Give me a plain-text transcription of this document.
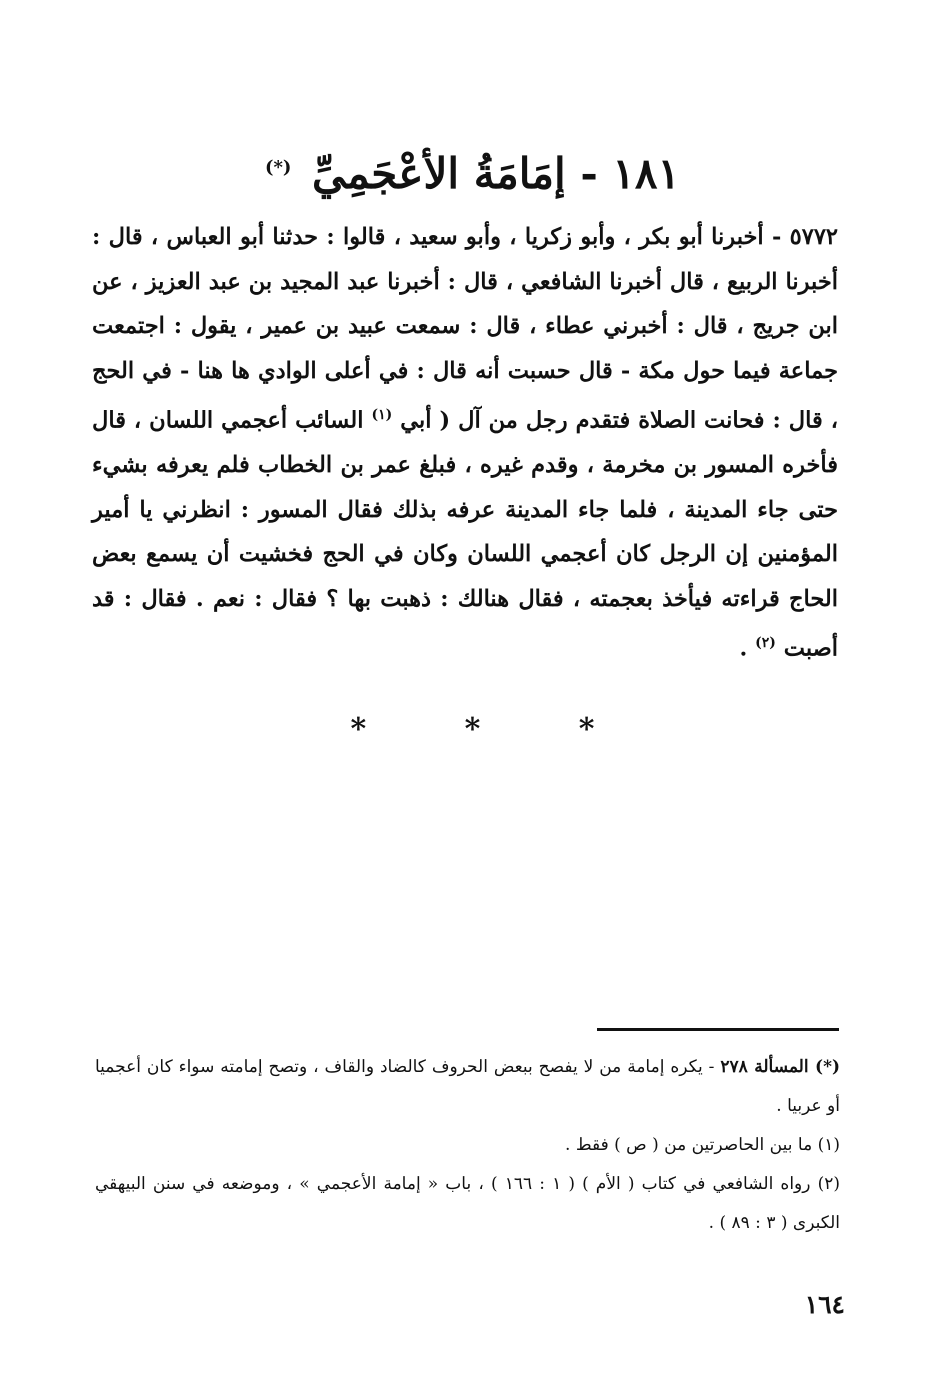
١٨١ - إمَامَةُ الأعْجَمِيِّ (*)

٥٧٧٢ - أخبرنا أبو بكر ، وأبو زكريا ، وأبو سعيد ، قالوا : حدثنا أبو العباس ، قال : أخبرنا الربيع ، قال أخبرنا الشافعي ، قال : أخبرنا عبد المجيد بن عبد العزيز ، عن ابن جريج ، قال : أخبرني عطاء ، قال : سمعت عبيد بن عمير ، يقول : اجتمعت جماعة فيما حول مكة - قال حسبت أنه قال : في أعلى الوادي ها هنا - في الحج ، قال : فحانت الصلاة فتقدم رجل من آل ( أبي $^{(١)}$ السائب أعجمي اللسان ، قال فأخره المسور بن مخرمة ، وقدم غيره ، فبلغ عمر بن الخطاب فلم يعرفه بشيء حتى جاء المدينة ، فلما جاء المدينة عرفه بذلك فقال المسور : انظرني يا أمير المؤمنين إن الرجل كان أعجمي اللسان وكان في الحج فخشيت أن يسمع بعض الحاج قراءته فيأخذ بعجمته ، فقال هنالك : ذهبت بها ؟ فقال : نعم . فقال : قد أصبت $^{(٢)}$ .

* * *

(*) المسألة ٢٧٨ - يكره إمامة من لا يفصح ببعض الحروف كالضاد والقاف ، وتصح إمامته سواء كان أعجميا أو عربيا .

(١) ما بين الحاصرتين من ( ص ) فقط .

(٢) رواه الشافعي في كتاب ( الأم ) ( ١ : ١٦٦ ) ، باب « إمامة الأعجمي » ، وموضعه في سنن البيهقي الكبرى ( ٣ : ٨٩ ) .

١٦٤
